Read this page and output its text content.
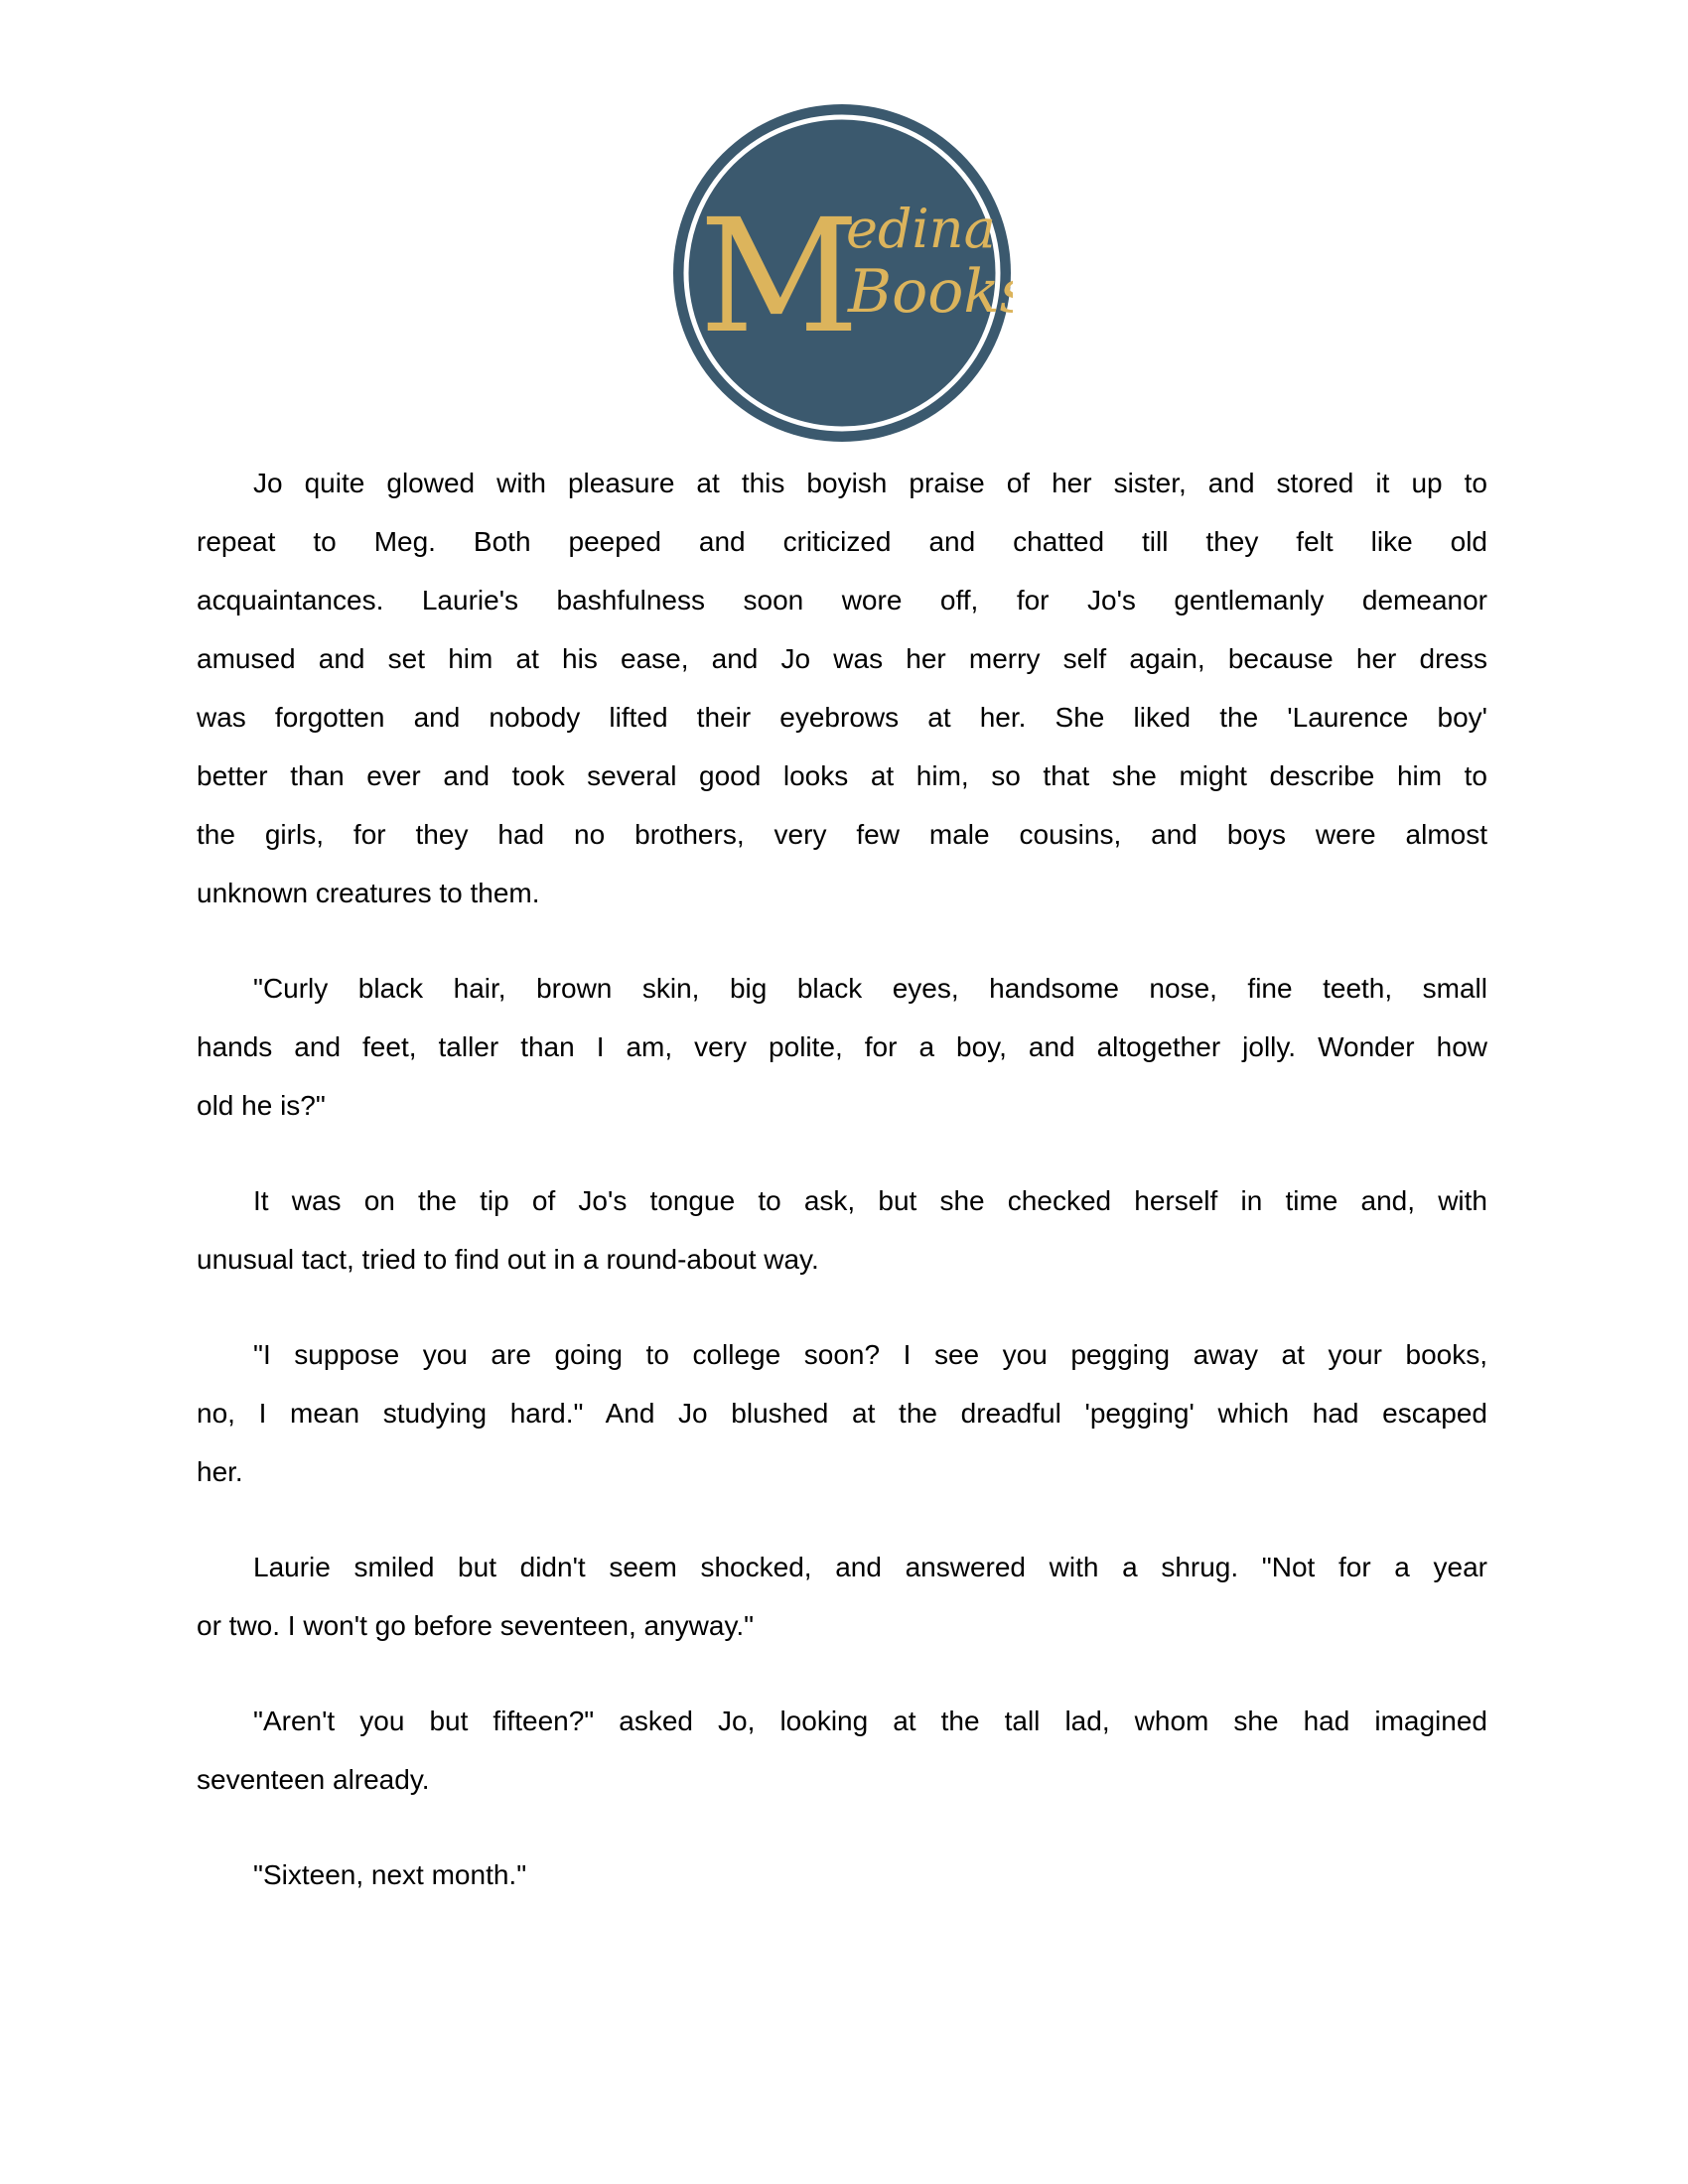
M
edina
Books
Jo quite glowed with pleasure at this boyish praise of her sister, and stored it up to
repeat to Meg. Both peeped and criticized and chatted till they felt like old
acquaintances. Laurie's bashfulness soon wore off, for Jo's gentlemanly demeanor
amused and set him at his ease, and Jo was her merry self again, because her dress
was forgotten and nobody lifted their eyebrows at her. She liked the 'Laurence boy'
better than ever and took several good looks at him, so that she might describe him to
the girls, for they had no brothers, very few male cousins, and boys were almost
unknown creatures to them.
"Curly black hair, brown skin, big black eyes, handsome nose, fine teeth, small
hands and feet, taller than I am, very polite, for a boy, and altogether jolly. Wonder how
old he is?"
It was on the tip of Jo's tongue to ask, but she checked herself in time and, with
unusual tact, tried to find out in a round-about way.
"I suppose you are going to college soon? I see you pegging away at your books,
no, I mean studying hard." And Jo blushed at the dreadful 'pegging' which had escaped
her.
Laurie smiled but didn't seem shocked, and answered with a shrug. "Not for a year
or two. I won't go before seventeen, anyway."
"Aren't you but fifteen?" asked Jo, looking at the tall lad, whom she had imagined
seventeen already.
"Sixteen, next month."
